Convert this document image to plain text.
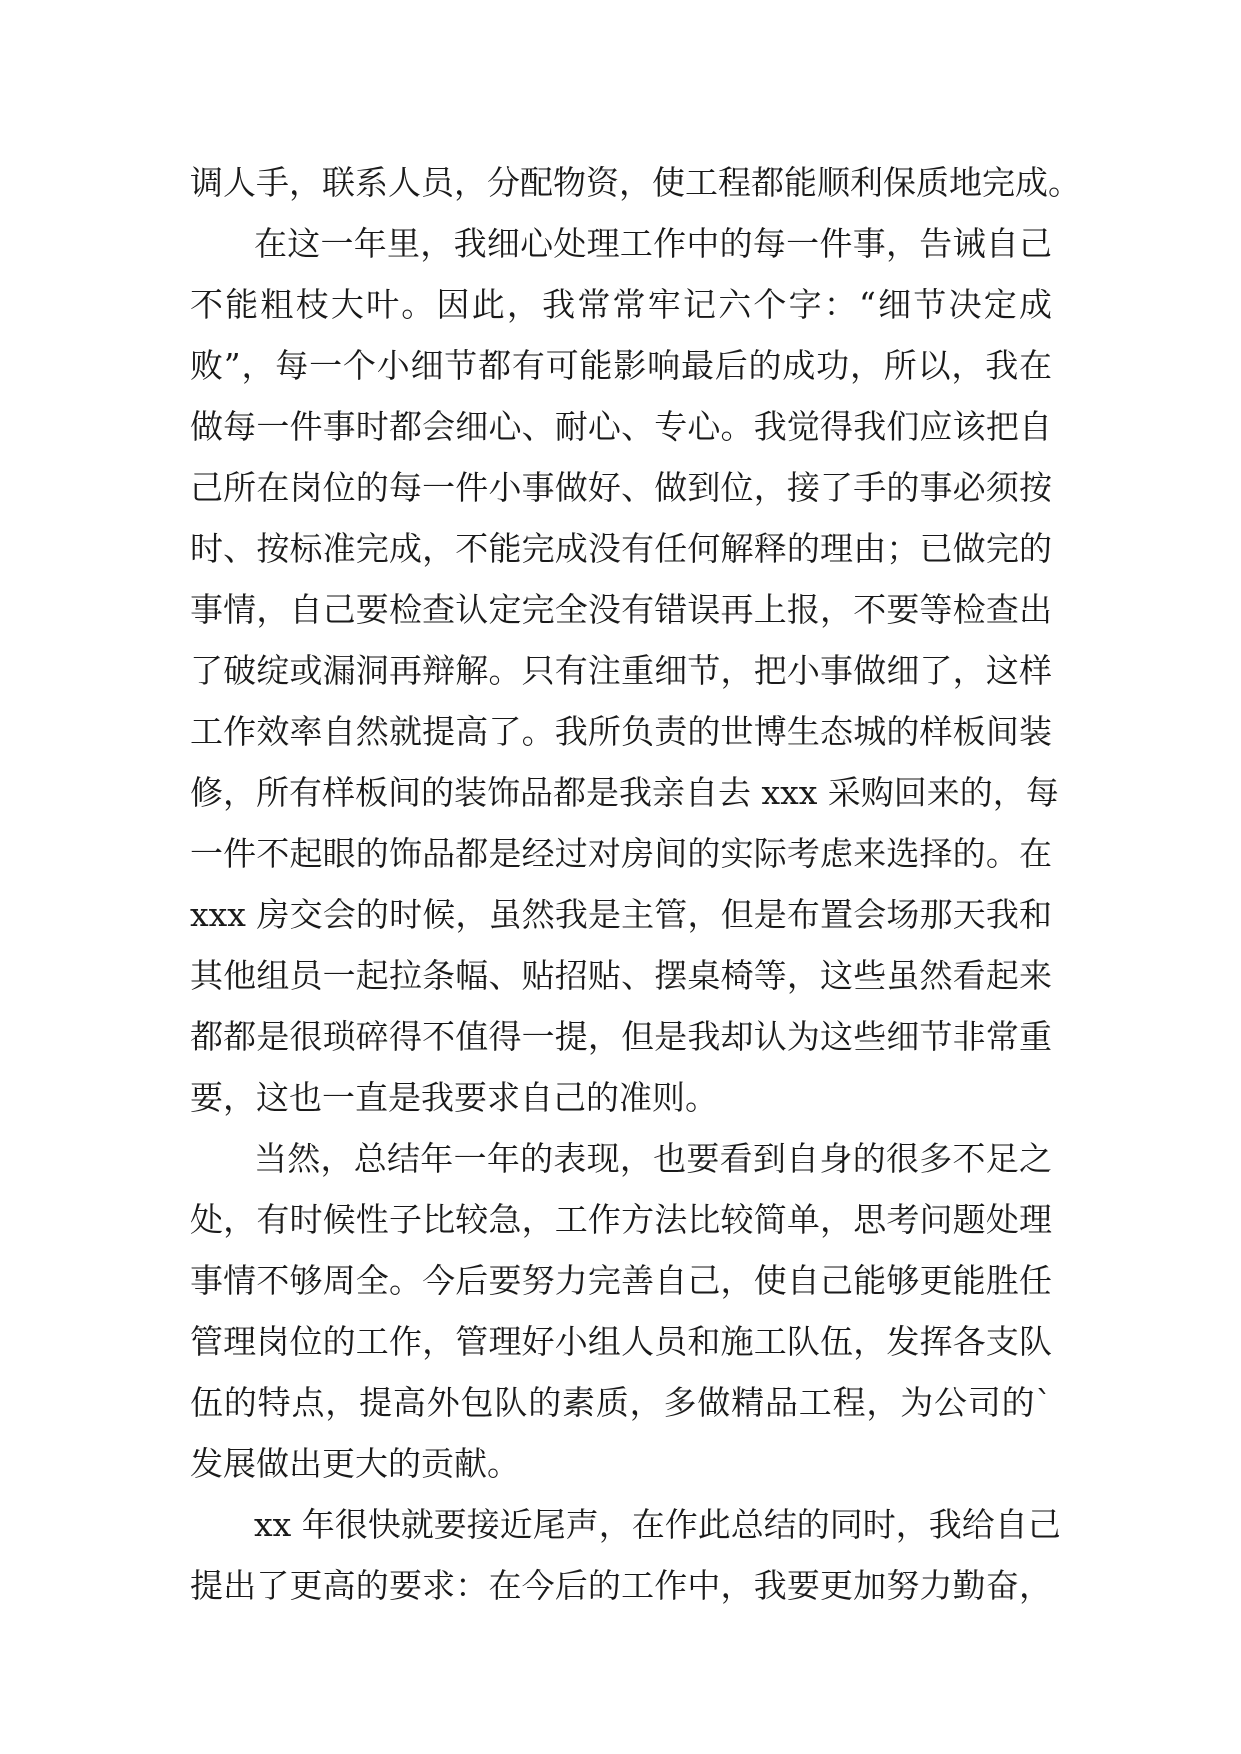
调人手，联系人员，分配物资，使工程都能顺利保质地完成。
在这一年里，我细心处理工作中的每一件事，告诫自己
不能粗枝大叶。因此，我常常牢记六个字：“细节决定成
败”，每一个小细节都有可能影响最后的成功，所以，我在
做每一件事时都会细心、耐心、专心。我觉得我们应该把自
己所在岗位的每一件小事做好、做到位，接了手的事必须按
时、按标准完成，不能完成没有任何解释的理由；已做完的
事情，自己要检查认定完全没有错误再上报，不要等检查出
了破绽或漏洞再辩解。只有注重细节，把小事做细了，这样
工作效率自然就提高了。我所负责的世博生态城的样板间装
修，所有样板间的装饰品都是我亲自去 xxx 采购回来的，每
一件不起眼的饰品都是经过对房间的实际考虑来选择的。在
xxx 房交会的时候，虽然我是主管，但是布置会场那天我和
其他组员一起拉条幅、贴招贴、摆桌椅等，这些虽然看起来
都都是很琐碎得不值得一提，但是我却认为这些细节非常重
要，这也一直是我要求自己的准则。
当然，总结年一年的表现，也要看到自身的很多不足之
处，有时候性子比较急，工作方法比较简单，思考问题处理
事情不够周全。今后要努力完善自己，使自己能够更能胜任
管理岗位的工作，管理好小组人员和施工队伍，发挥各支队
伍的特点，提高外包队的素质，多做精品工程，为公司的`
发展做出更大的贡献。
xx 年很快就要接近尾声，在作此总结的同时，我给自己
提出了更高的要求：在今后的工作中，我要更加努力勤奋，
